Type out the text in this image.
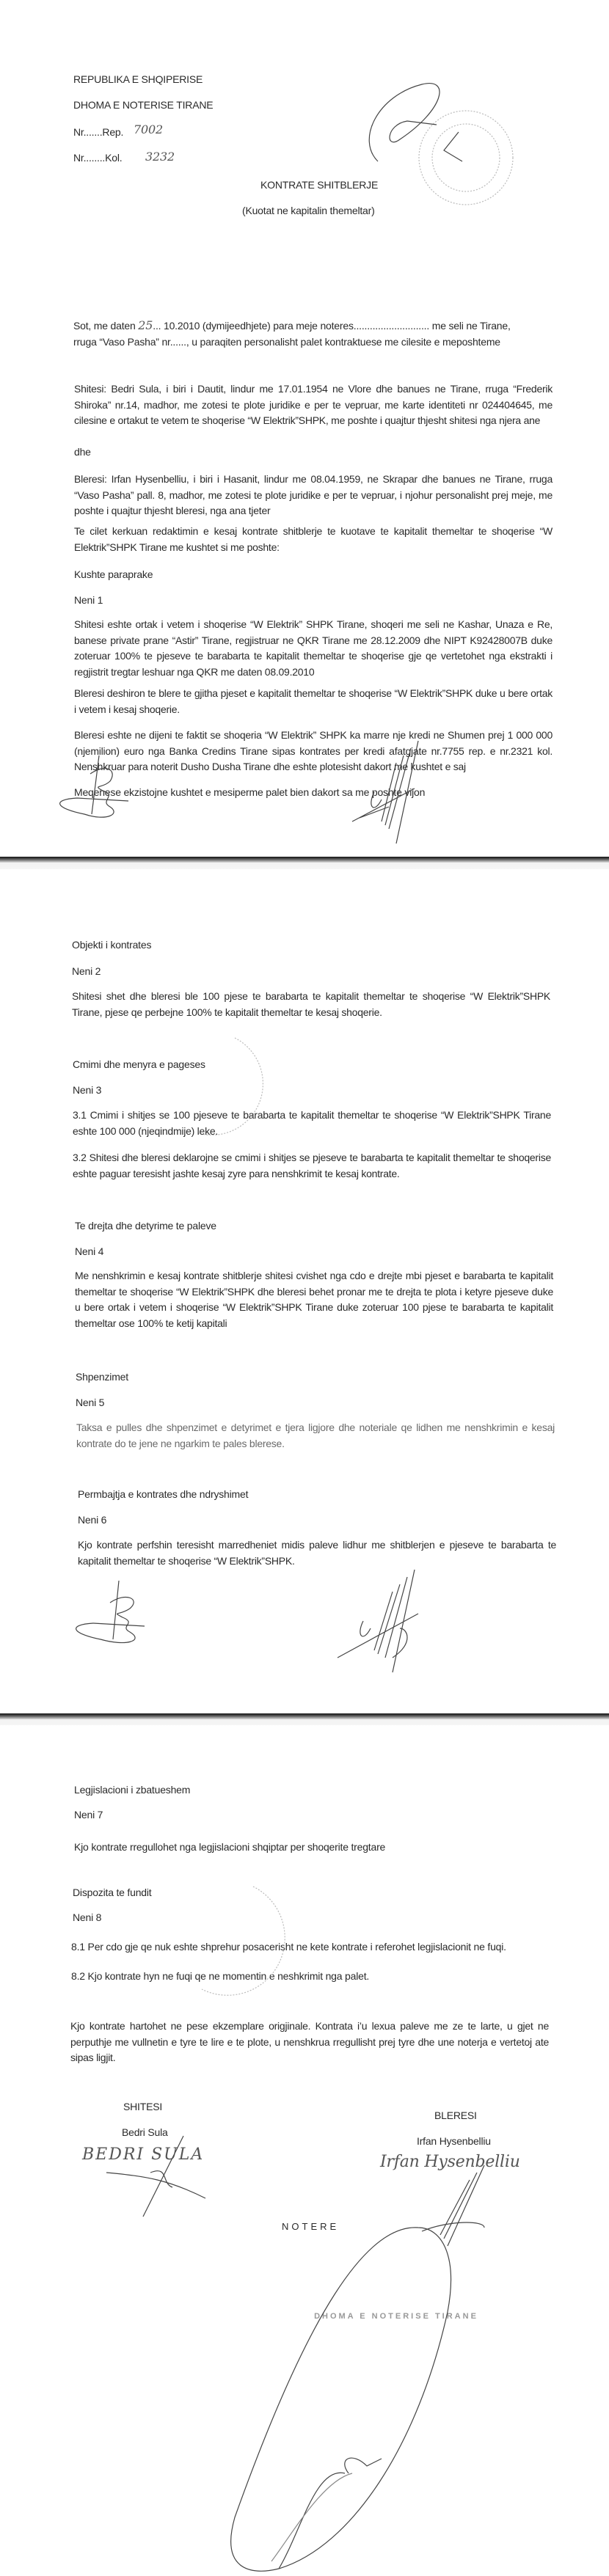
REPUBLIKA E SHQIPERISE
DHOMA E NOTERISE TIRANE
Nr.......Rep. 7002
Nr........Kol. 3232
KONTRATE SHITBLERJE
(Kuotat ne kapitalin themeltar)
Sot, me daten 25... 10.2010 (dymijeedhjete) para meje noteres............................ me seli ne Tirane,
rruga “Vaso Pasha” nr......, u paraqiten personalisht palet kontraktuese me cilesite e meposhteme
Shitesi: Bedri Sula, i biri i Dautit, lindur me 17.01.1954 ne Vlore dhe banues ne Tirane, rruga “Frederik Shiroka” nr.14, madhor, me zotesi te plote juridike e per te vepruar, me karte identiteti nr 024404645, me cilesine e ortakut te vetem te shoqerise “W Elektrik”SHPK, me poshte i quajtur thjesht shitesi nga njera ane
dhe
Bleresi: Irfan Hysenbelliu, i biri i Hasanit, lindur me 08.04.1959, ne Skrapar dhe banues ne Tirane, rruga “Vaso Pasha” pall. 8, madhor, me zotesi te plote juridike e per te vepruar, i njohur personalisht prej meje, me poshte i quajtur thjesht bleresi, nga ana tjeter
Te cilet kerkuan redaktimin e kesaj kontrate shitblerje te kuotave te kapitalit themeltar te shoqerise “W Elektrik”SHPK Tirane me kushtet si me poshte:
Kushte paraprake
Neni 1
Shitesi eshte ortak i vetem i shoqerise “W Elektrik” SHPK Tirane, shoqeri me seli ne Kashar, Unaza e Re, banese private prane “Astir” Tirane, regjistruar ne QKR Tirane me 28.12.2009 dhe NIPT K92428007B duke zoteruar 100% te pjeseve te barabarta te kapitalit themeltar te shoqerise gje qe vertetohet nga ekstrakti i regjistrit tregtar leshuar nga QKR me daten 08.09.2010
Bleresi deshiron te blere te gjitha pjeset e kapitalit themeltar te shoqerise “W Elektrik”SHPK duke u bere ortak i vetem i kesaj shoqerie.
Bleresi eshte ne dijeni te faktit se shoqeria “W Elektrik” SHPK ka marre nje kredi ne Shumen prej 1 000 000 (njemilion) euro nga Banka Credins Tirane sipas kontrates per kredi afatgjate nr.7755 rep. e nr.2321 kol. Nenshkruar para noterit Dusho Dusha Tirane dhe eshte plotesisht dakort me kushtet e saj
Meqenese ekzistojne kushtet e mesiperme palet bien dakort sa me poshte vijon
Objekti i kontrates
Neni 2
Shitesi shet dhe bleresi ble 100 pjese te barabarta te kapitalit themeltar te shoqerise “W Elektrik”SHPK Tirane, pjese qe perbejne 100% te kapitalit themeltar te kesaj shoqerie.
Cmimi dhe menyra e pageses
Neni 3
3.1 Cmimi i shitjes se 100 pjeseve te barabarta te kapitalit themeltar te shoqerise “W Elektrik”SHPK Tirane eshte 100 000 (njeqindmije) leke.
3.2 Shitesi dhe bleresi deklarojne se cmimi i shitjes se pjeseve te barabarta te kapitalit themeltar te shoqerise eshte paguar teresisht jashte kesaj zyre para nenshkrimit te kesaj kontrate.
Te drejta dhe detyrime te paleve
Neni 4
Me nenshkrimin e kesaj kontrate shitblerje shitesi cvishet nga cdo e drejte mbi pjeset e barabarta te kapitalit themeltar te shoqerise “W Elektrik”SHPK dhe bleresi behet pronar me te drejta te plota i ketyre pjeseve duke u bere ortak i vetem i shoqerise “W Elektrik”SHPK Tirane duke zoteruar 100 pjese te barabarta te kapitalit themeltar ose 100% te ketij kapitali
Shpenzimet
Neni 5
Taksa e pulles dhe shpenzimet e detyrimet e tjera ligjore dhe noteriale qe lidhen me nenshkrimin e kesaj kontrate do te jene ne ngarkim te pales blerese.
Permbajtja e kontrates dhe ndryshimet
Neni 6
Kjo kontrate perfshin teresisht marredheniet midis paleve lidhur me shitblerjen e pjeseve te barabarta te kapitalit themeltar te shoqerise “W Elektrik”SHPK.
Legjislacioni i zbatueshem
Neni 7
Kjo kontrate rregullohet nga legjislacioni shqiptar per shoqerite tregtare
Dispozita te fundit
Neni 8
8.1 Per cdo gje qe nuk eshte shprehur posacerisht ne kete kontrate i referohet legjislacionit ne fuqi.
8.2 Kjo kontrate hyn ne fuqi qe ne momentin e neshkrimit nga palet.
Kjo kontrate hartohet ne pese ekzemplare origjinale. Kontrata i’u lexua paleve me ze te larte, u gjet ne perputhje me vullnetin e tyre te lire e te plote, u nenshkrua rregullisht prej tyre dhe une noterja e vertetoj ate sipas ligjit.
SHITESI
Bedri Sula
BEDRI SULA
BLERESI
Irfan Hysenbelliu
Irfan Hysenbelliu
NOTERE
DHOMA E NOTERISE TIRANE
